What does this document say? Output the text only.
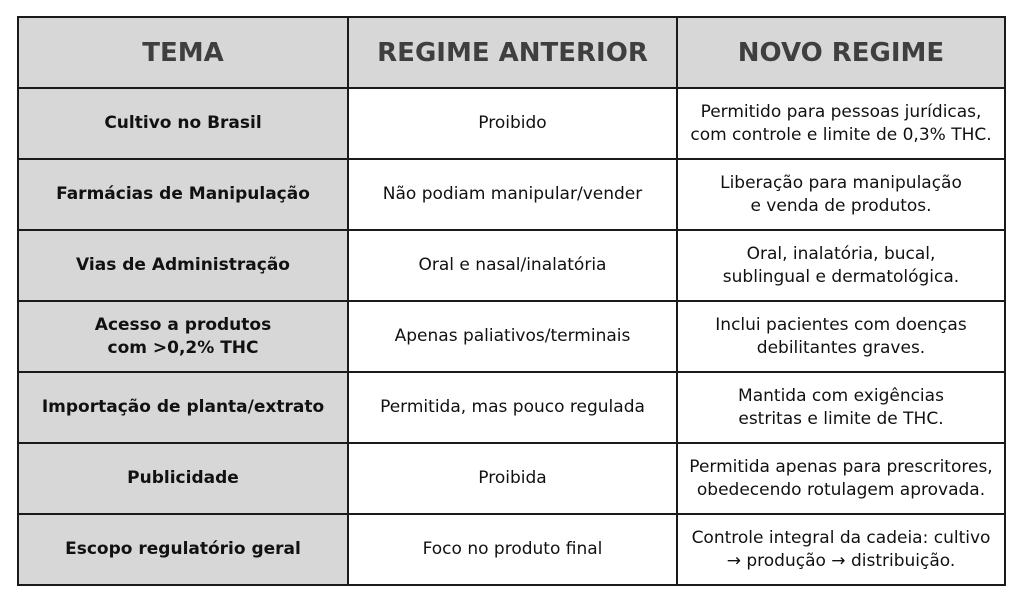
TEMA	REGIME ANTERIOR	NOVO REGIME

Cultivo no Brasil	Proibido	Permitido para pessoas jurídicas,
com controle e limite de 0,3% THC.

Farmácias de Manipulação	Não podiam manipular/vender	Liberação para manipulação
e venda de produtos.

Vias de Administração	Oral e nasal/inalatória	Oral, inalatória, bucal,
sublingual e dermatológica.

Acesso a produtos
com >0,2% THC	Apenas paliativos/terminais	Inclui pacientes com doenças
debilitantes graves.

Importação de planta/extrato	Permitida, mas pouco regulada	Mantida com exigências
estritas e limite de THC.

Publicidade	Proibida	Permitida apenas para prescritores,
obedecendo rotulagem aprovada.

Escopo regulatório geral	Foco no produto final	Controle integral da cadeia: cultivo
→ produção → distribuição.
